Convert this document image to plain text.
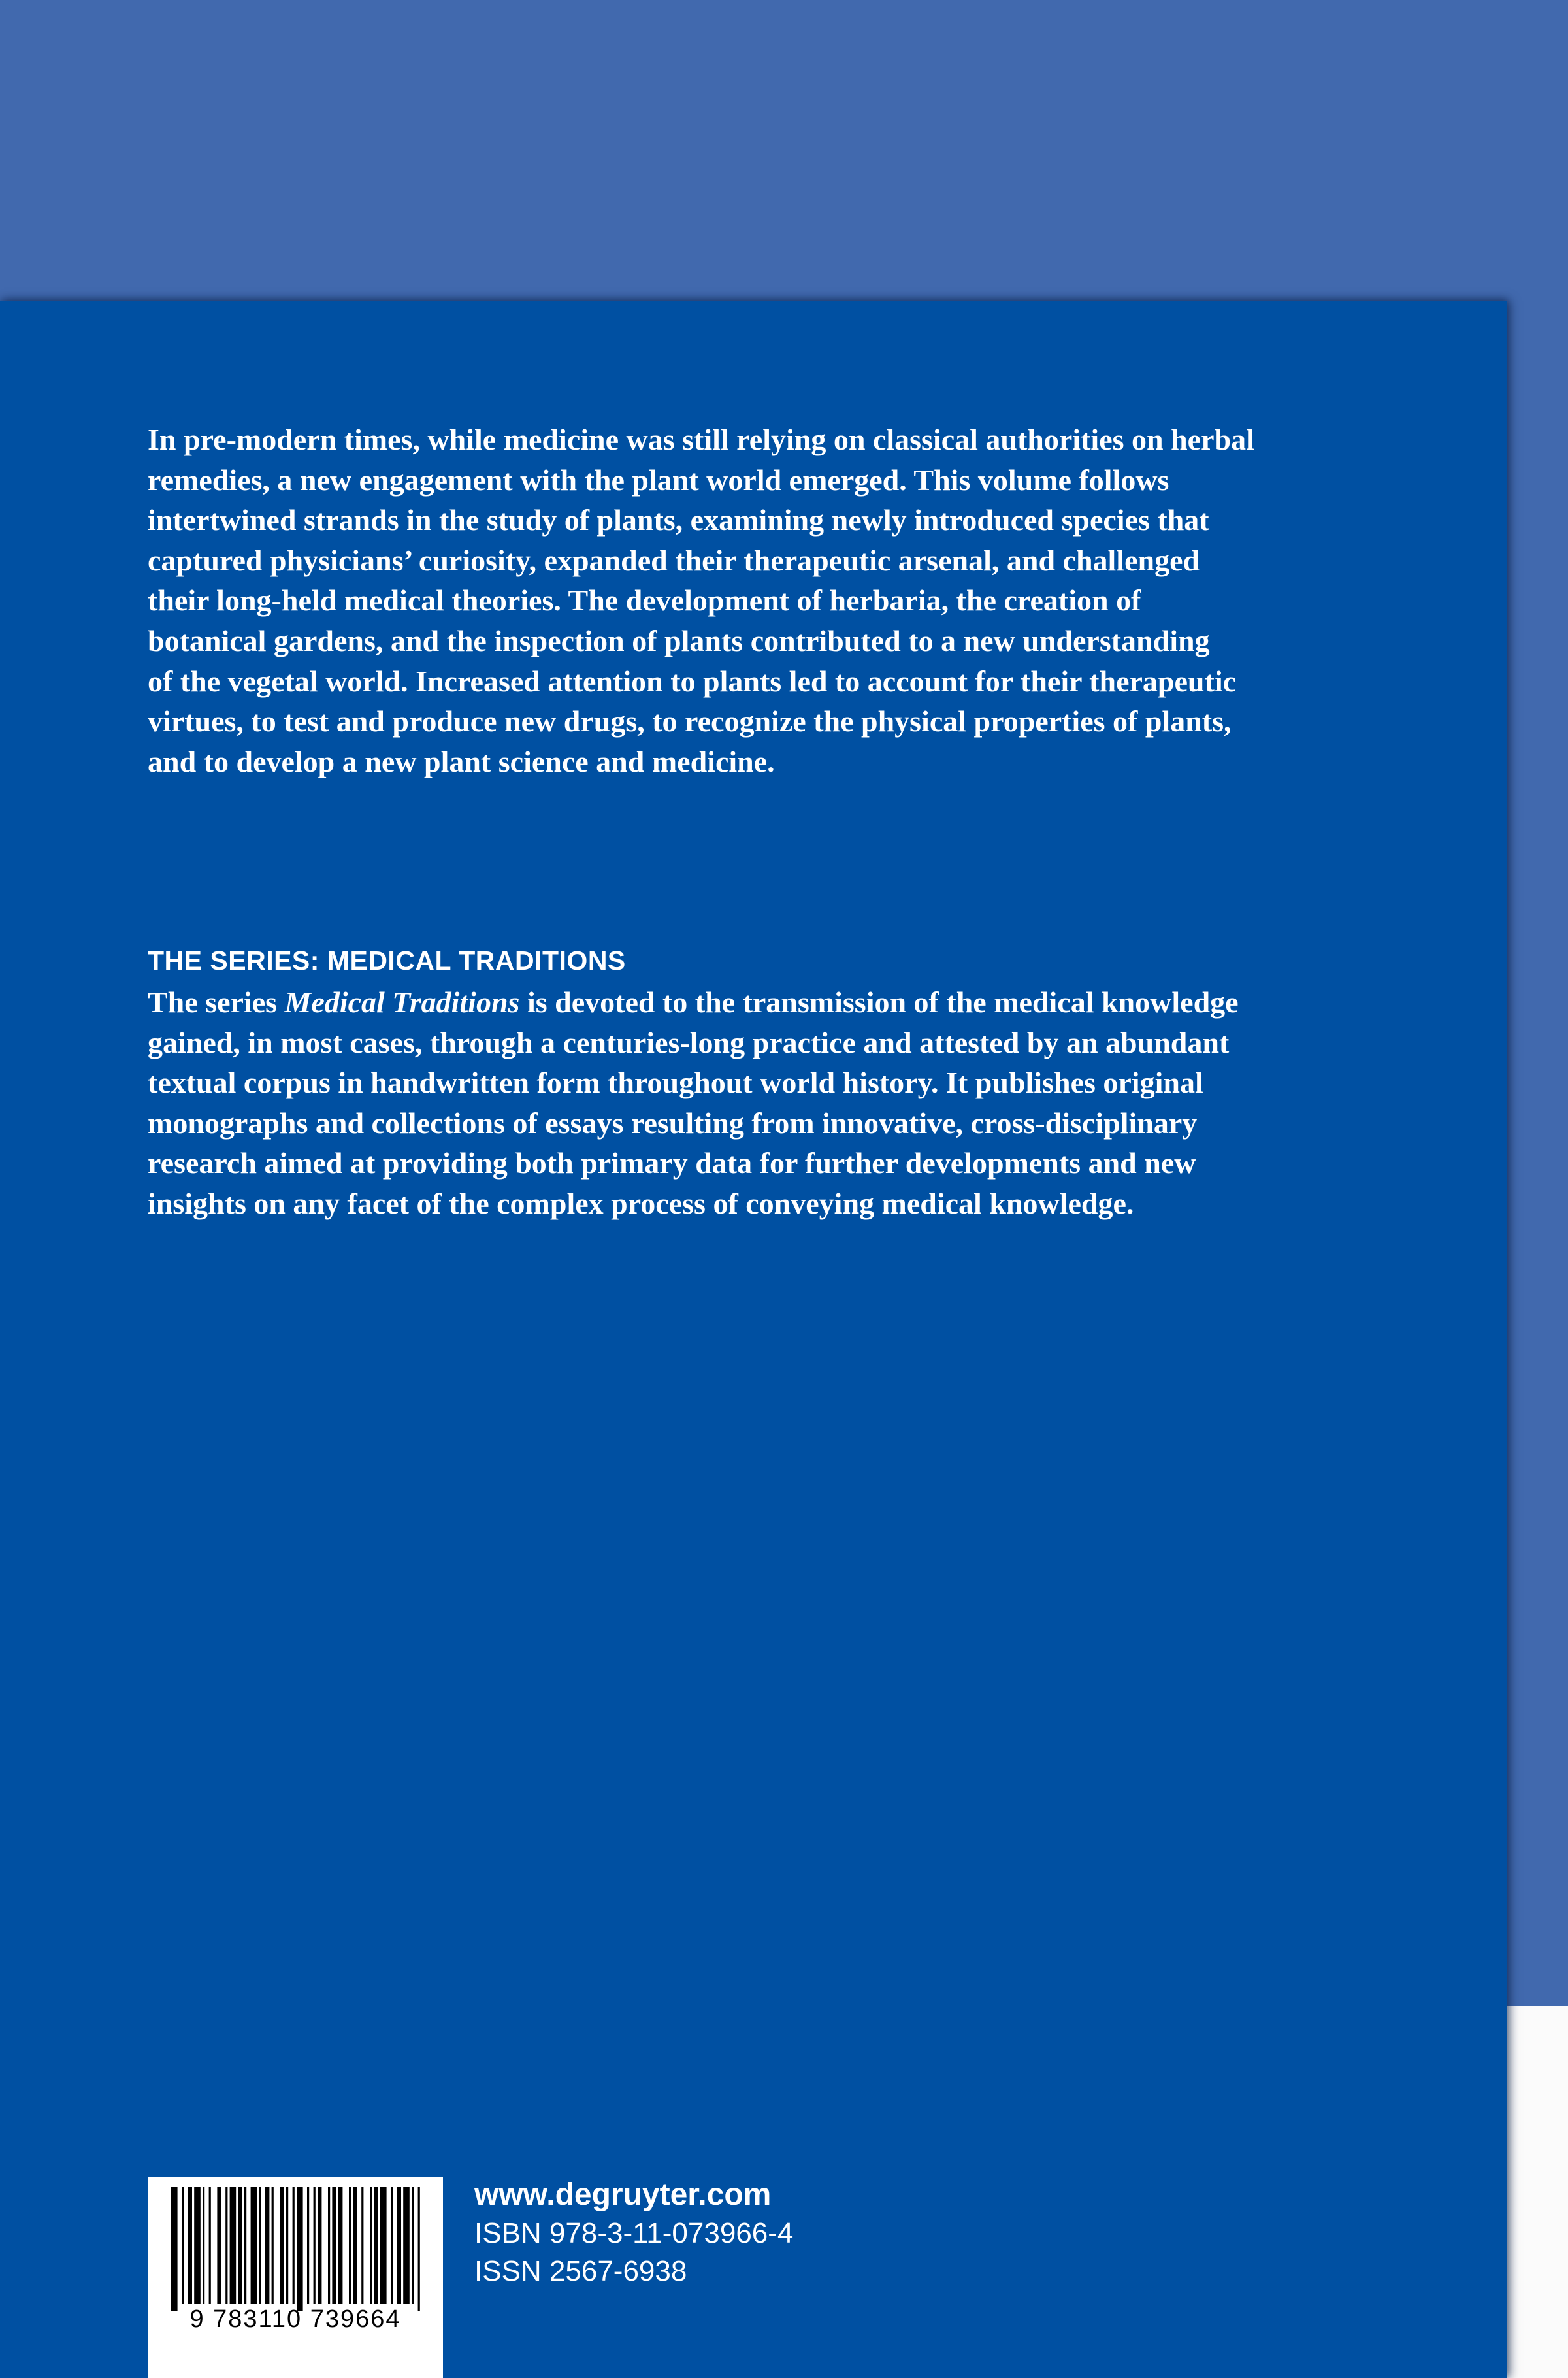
In pre-modern times, while medicine was still relying on classical authorities on herbal
remedies, a new engagement with the plant world emerged. This volume follows
intertwined strands in the study of plants, examining newly introduced species that
captured physicians’ curiosity, expanded their therapeutic arsenal, and challenged
their long-held medical theories. The development of herbaria, the creation of
botanical gardens, and the inspection of plants contributed to a new understanding
of the vegetal world. Increased attention to plants led to account for their therapeutic
virtues, to test and produce new drugs, to recognize the physical properties of plants,
and to develop a new plant science and medicine.

THE SERIES: MEDICAL TRADITIONS

The series Medical Traditions is devoted to the transmission of the medical knowledge
gained, in most cases, through a centuries-long practice and attested by an abundant
textual corpus in handwritten form throughout world history. It publishes original
monographs and collections of essays resulting from innovative, cross-disciplinary
research aimed at providing both primary data for further developments and new
insights on any facet of the complex process of conveying medical knowledge.

9 783110 739664

www.degruyter.com

ISBN 978-3-11-073966-4

ISSN 2567-6938
